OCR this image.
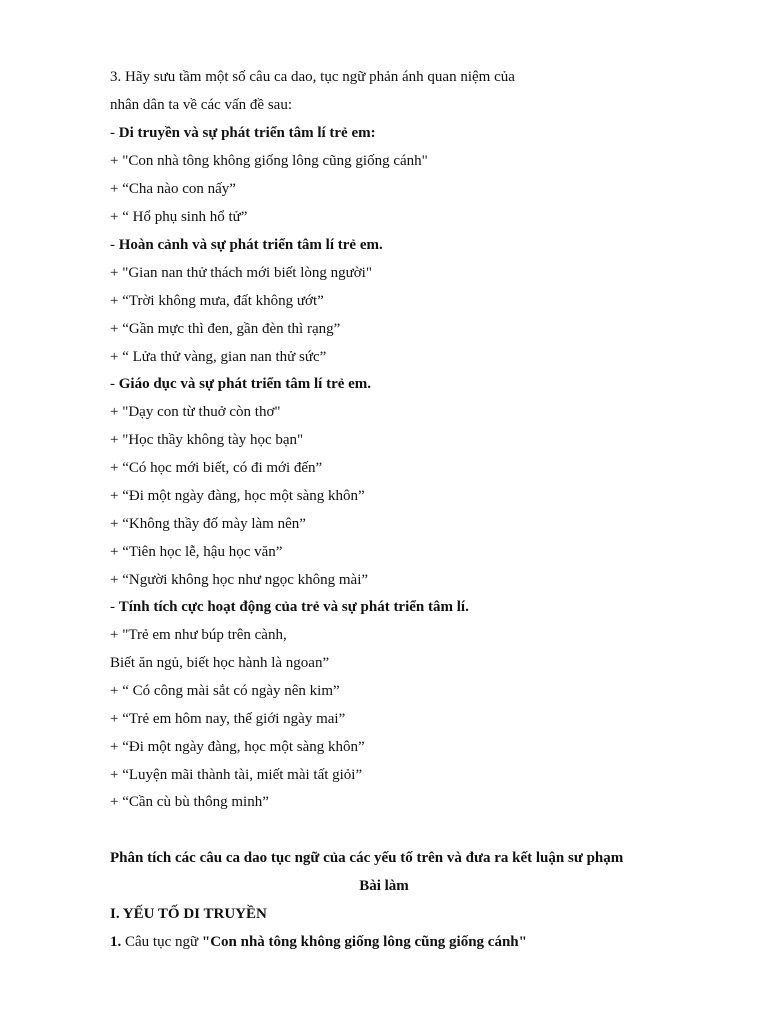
3. Hãy sưu tầm một số câu ca dao, tục ngữ phản ánh quan niệm của
nhân dân ta về các vấn đề sau:
- Di truyền và sự phát triển tâm lí trẻ em:
+ "Con nhà tông không giống lông cũng giống cánh"
+ “Cha nào con nấy”
+ “ Hổ phụ sinh hổ tử”
- Hoàn cảnh và sự phát triển tâm lí trẻ em.
+ "Gian nan thử thách mới biết lòng người"
+ “Trời không mưa, đất không ướt”
+ “Gần mực thì đen, gần đèn thì rạng”
+ “ Lửa thử vàng, gian nan thử sức”
- Giáo dục và sự phát triển tâm lí trẻ em.
+ "Dạy con từ thuở còn thơ"
+ "Học thầy không tày học bạn"
+ “Có học mới biết, có đi mới đến”
+ “Đi một ngày đàng, học một sàng khôn”
+ “Không thầy đố mày làm nên”
+ “Tiên học lễ, hậu học văn”
+ “Người không học như ngọc không mài”
- Tính tích cực hoạt động của trẻ và sự phát triển tâm lí.
+ "Trẻ em như búp trên cành,
Biết ăn ngủ, biết học hành là ngoan”
+ “ Có công mài sắt có ngày nên kim”
+ “Trẻ em hôm nay, thế giới ngày mai”
+ “Đi một ngày đàng, học một sàng khôn”
+ “Luyện mãi thành tài, miết mài tất giỏi”
+ “Cần cù bù thông minh”
Phân tích các câu ca dao tục ngữ của các yếu tố trên và đưa ra kết luận sư phạm
Bài làm
I. YẾU TỐ DI TRUYỀN
1. Câu tục ngữ "Con nhà tông không giống lông cũng giống cánh"
